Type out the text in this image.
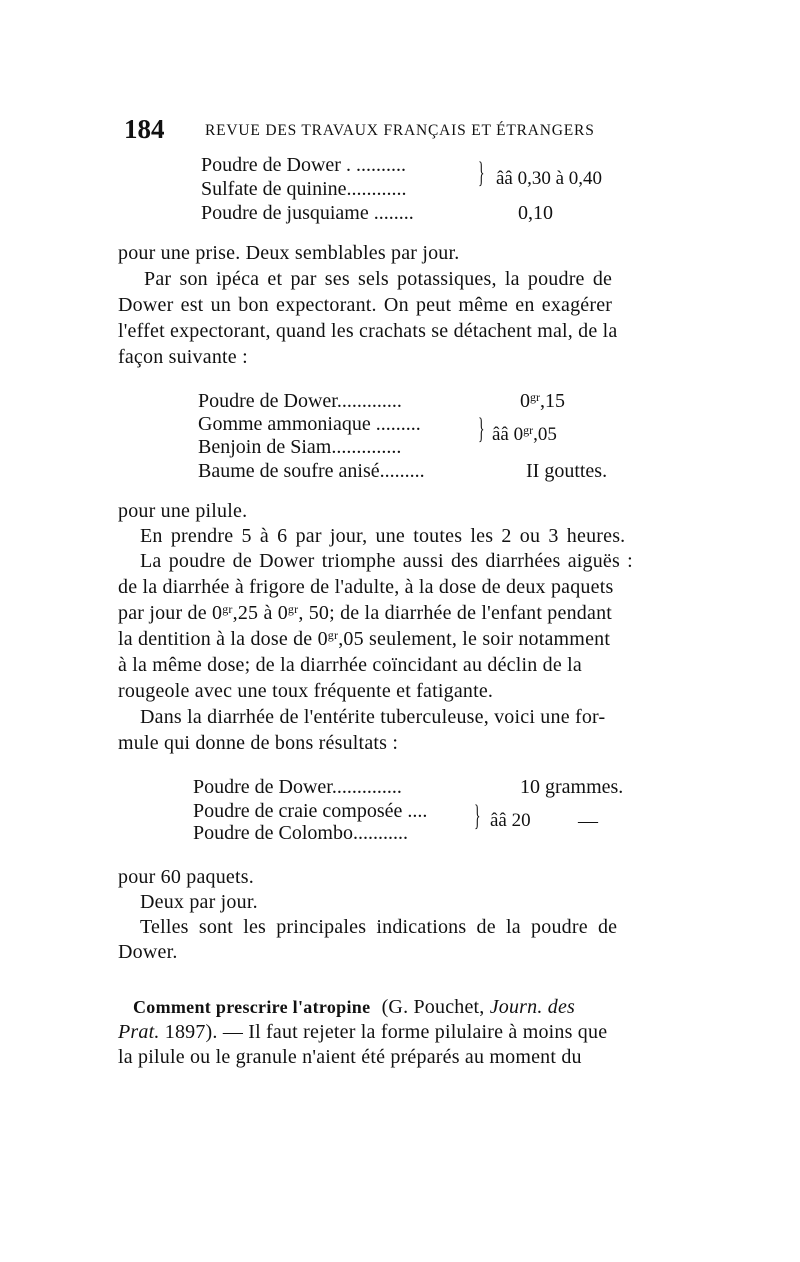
184	REVUE DES TRAVAUX FRANÇAIS ET ÉTRANGERS
Poudre de Dower . ..........
Sulfate de quinine............ } ââ 0,30 à 0,40
Poudre de jusquiame ........	0,10
pour une prise. Deux semblables par jour.
Par son ipéca et par ses sels potassiques, la poudre de
Dower est un bon expectorant. On peut même en exagérer
l'effet expectorant, quand les crachats se détachent mal, de la
façon suivante :
Poudre de Dower.............	$0^{gr},15$
Gomme ammoniaque .........
Benjoin de Siam..............
} ââ $0^{gr},05$
Baume de soufre anisé.........	II gouttes.
pour une pilule.
En prendre 5 à 6 par jour, une toutes les 2 ou 3 heures.
La poudre de Dower triomphe aussi des diarrhées aiguës :
de la diarrhée à frigore de l'adulte, à la dose de deux paquets
par jour de $0^{gr},25$ à $0^{gr}$, 50; de la diarrhée de l'enfant pendant
la dentition à la dose de $0^{gr},05$ seulement, le soir notamment
à la même dose; de la diarrhée coïncidant au déclin de la
rougeole avec une toux fréquente et fatigante.
Dans la diarrhée de l'entérite tuberculeuse, voici une for-
mule qui donne de bons résultats :
Poudre de Dower..............	10 grammes.
Poudre de craie composée ....
Poudre de Colombo...........
} ââ 20 —
pour 60 paquets.
Deux par jour.
Telles sont les principales indications de la poudre de
Dower.
Comment prescrire l'atropine (G. Pouchet, Journ. des
Prat. 1897). — Il faut rejeter la forme pilulaire à moins que
la pilule ou le granule n'aient été préparés au moment du
